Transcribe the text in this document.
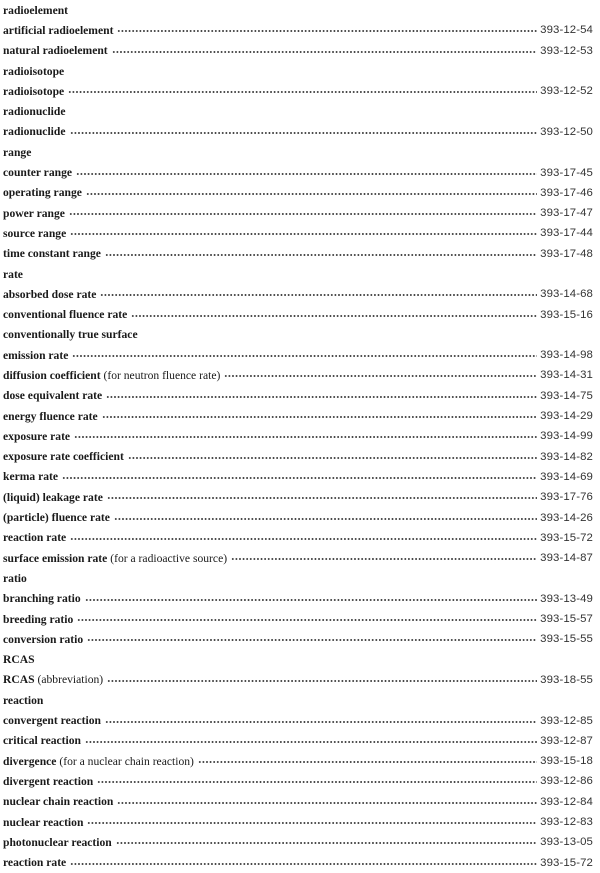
radioelement
artificial radioelement	393-12-54
natural radioelement	393-12-53
radioisotope
radioisotope	393-12-52
radionuclide
radionuclide	393-12-50
range
counter range	393-17-45
operating range	393-17-46
power range	393-17-47
source range	393-17-44
time constant range	393-17-48
rate
absorbed dose rate	393-14-68
conventional fluence rate	393-15-16
conventionally true surface
emission rate	393-14-98
diffusion coefficient (for neutron fluence rate)	393-14-31
dose equivalent rate	393-14-75
energy fluence rate	393-14-29
exposure rate	393-14-99
exposure rate coefficient	393-14-82
kerma rate	393-14-69
(liquid) leakage rate	393-17-76
(particle) fluence rate	393-14-26
reaction rate	393-15-72
surface emission rate (for a radioactive source)	393-14-87
ratio
branching ratio	393-13-49
breeding ratio	393-15-57
conversion ratio	393-15-55
RCAS
RCAS (abbreviation)	393-18-55
reaction
convergent reaction	393-12-85
critical reaction	393-12-87
divergence (for a nuclear chain reaction)	393-15-18
divergent reaction	393-12-86
nuclear chain reaction	393-12-84
nuclear reaction	393-12-83
photonuclear reaction	393-13-05
reaction rate	393-15-72
